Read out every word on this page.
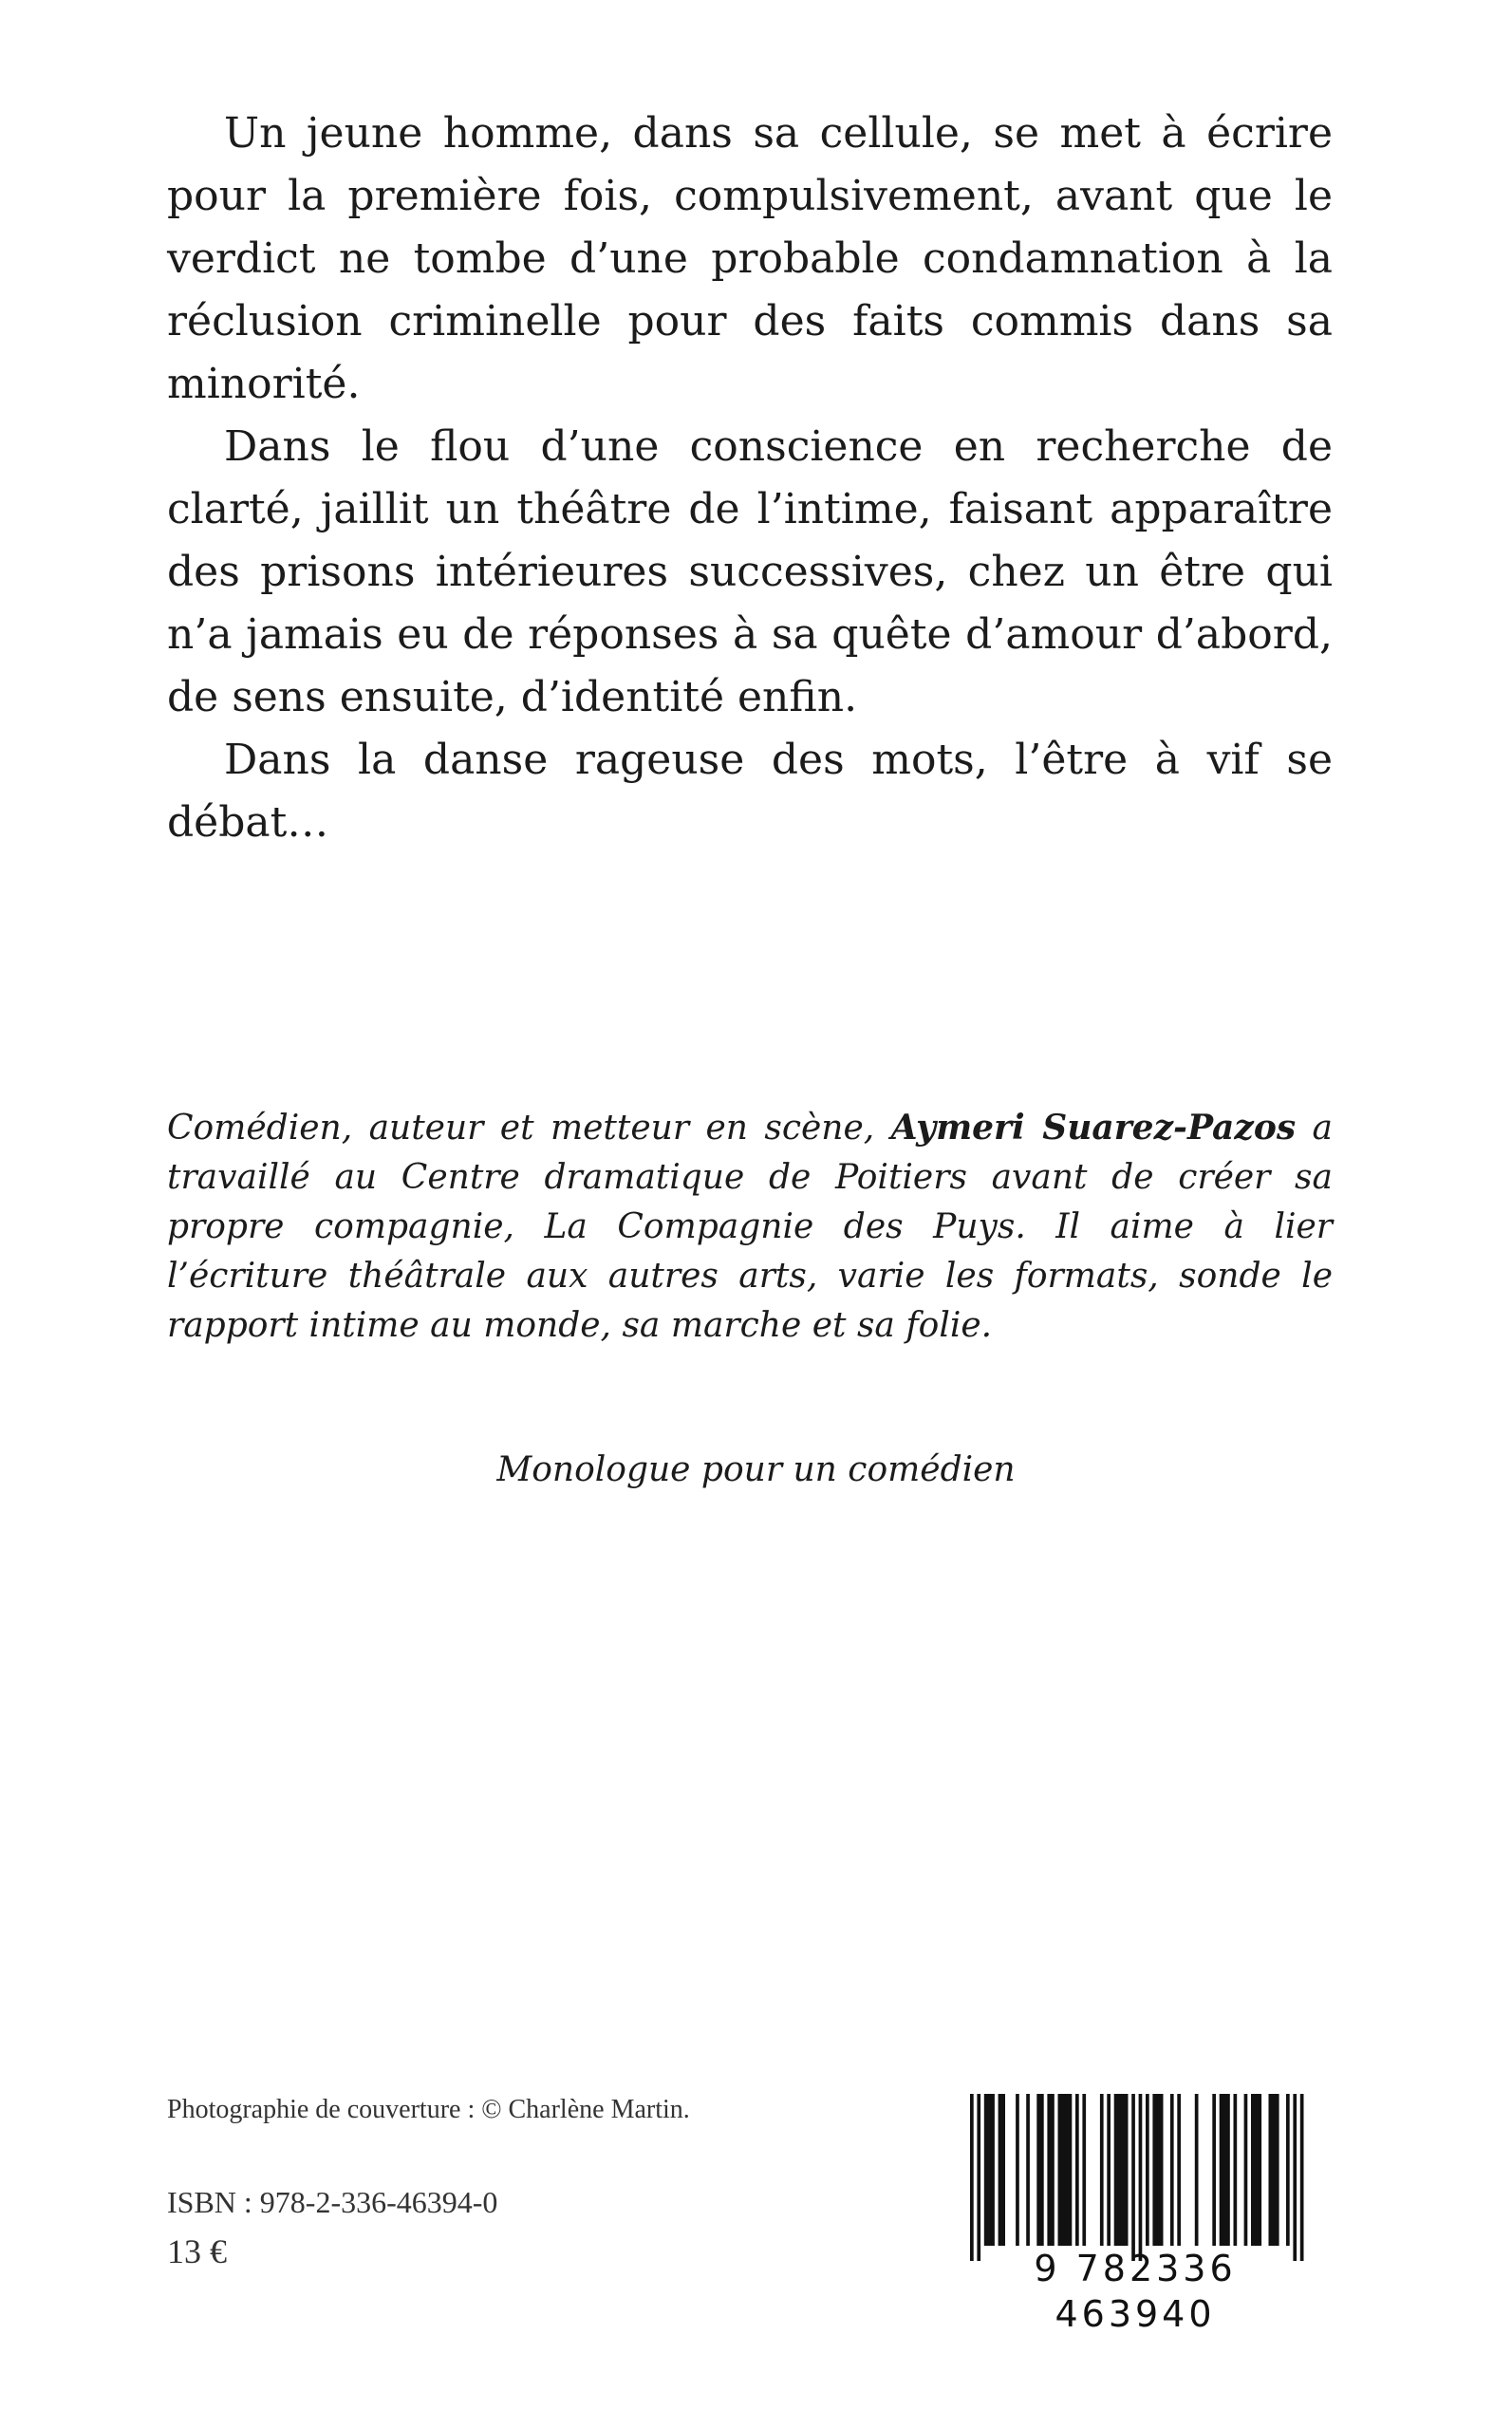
Un jeune homme, dans sa cellule, se met à écrire pour la première fois, compulsivement, avant que le verdict ne tombe d’une probable condamnation à la réclusion criminelle pour des faits commis dans sa minorité.

Dans le flou d’une conscience en recherche de clarté, jaillit un théâtre de l’intime, faisant apparaître des prisons intérieures successives, chez un être qui n’a jamais eu de réponses à sa quête d’amour d’abord, de sens ensuite, d’identité enfin.

Dans la danse rageuse des mots, l’être à vif se débat…

Comédien, auteur et metteur en scène, Aymeri Suarez-Pazos a travaillé au Centre dramatique de Poitiers avant de créer sa propre compagnie, La Compagnie des Puys. Il aime à lier l’écriture théâtrale aux autres arts, varie les formats, sonde le rapport intime au monde, sa marche et sa folie.

Monologue pour un comédien
Photographie de couverture : © Charlène Martin.
ISBN : 978-2-336-46394-0
13 €	9 782336 463940
